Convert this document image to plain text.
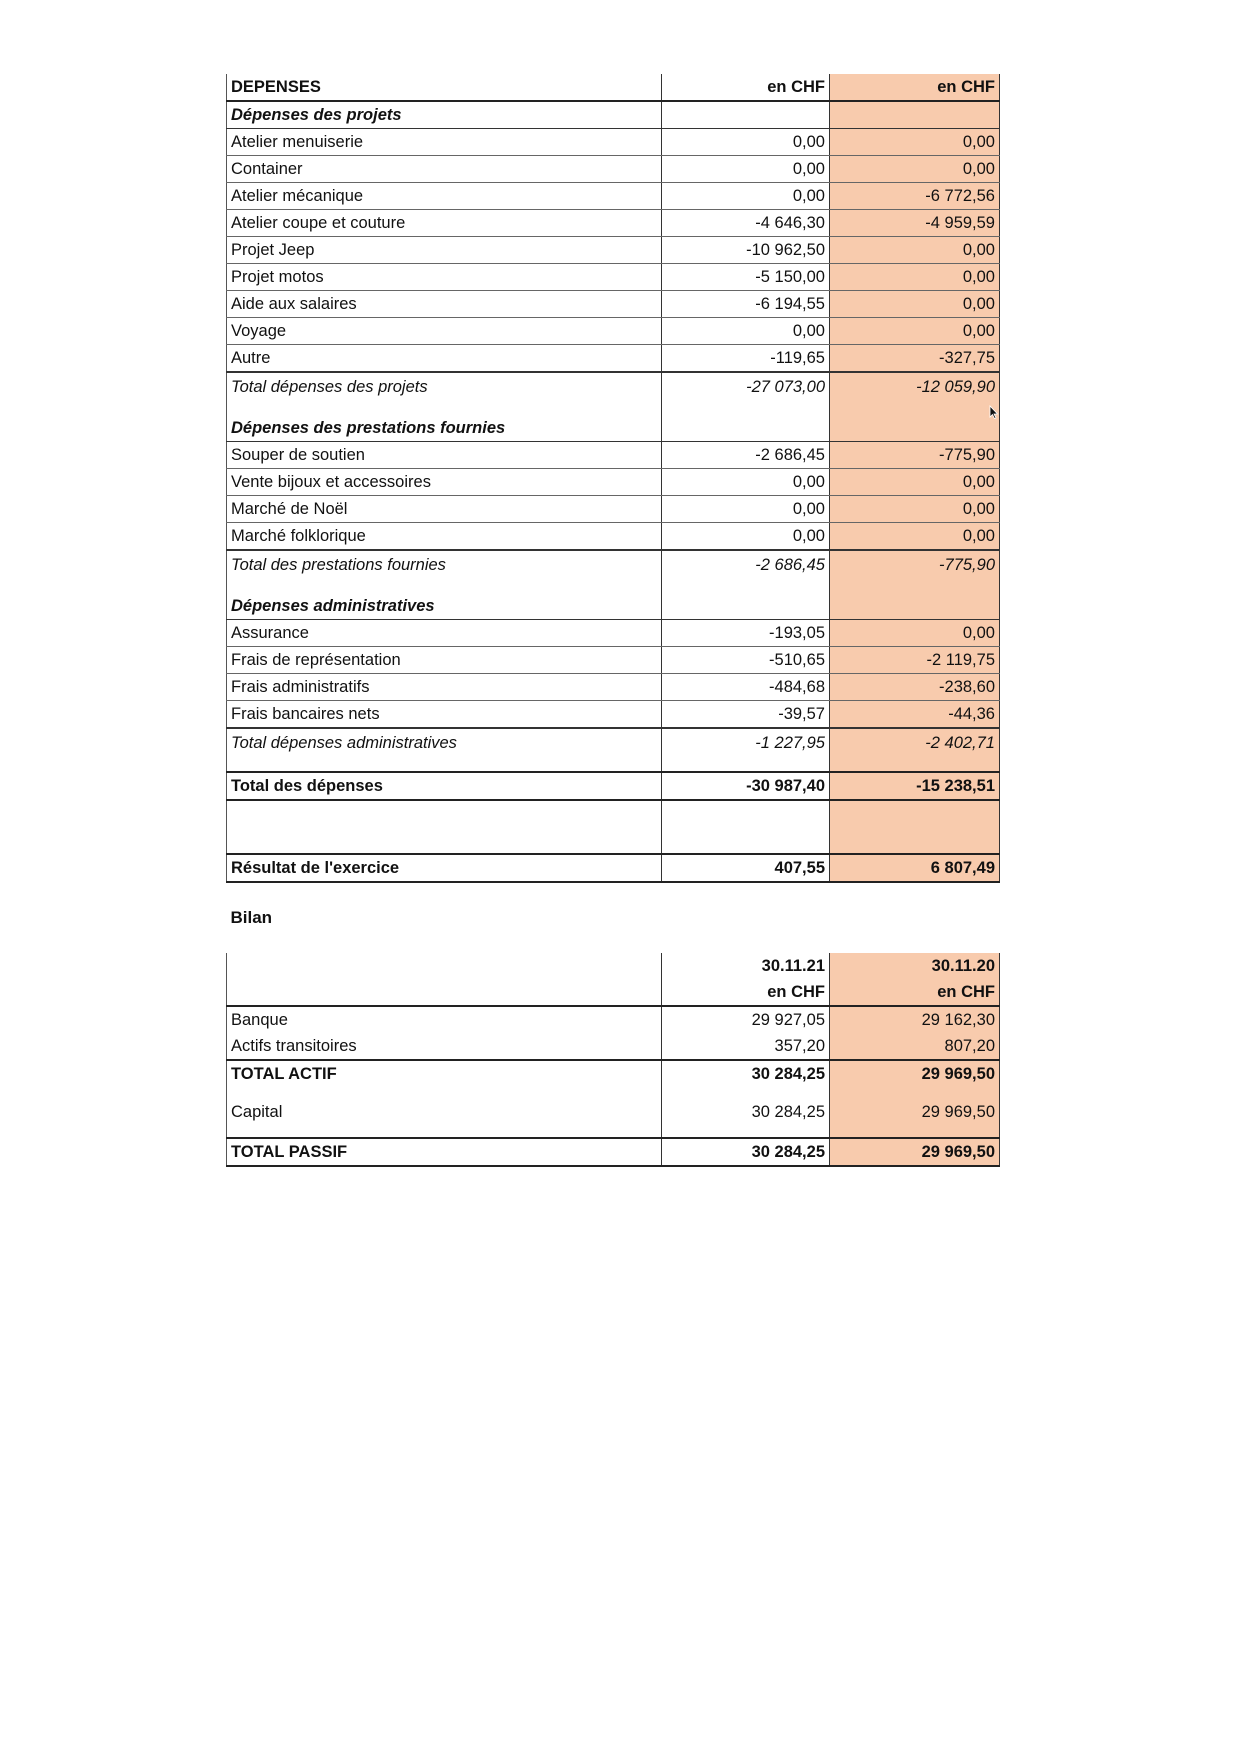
DEPENSES	en CHF	en CHF
Dépenses des projets		
Atelier menuiserie	0,00	0,00
Container	0,00	0,00
Atelier mécanique	0,00	-6 772,56
Atelier coupe et couture	-4 646,30	-4 959,59
Projet Jeep	-10 962,50	0,00
Projet motos	-5 150,00	0,00
Aide aux salaires	-6 194,55	0,00
Voyage	0,00	0,00
Autre	-119,65	-327,75
Total dépenses des projets	-27 073,00	-12 059,90
Dépenses des prestations fournies		
Souper de soutien	-2 686,45	-775,90
Vente bijoux et accessoires	0,00	0,00
Marché de Noël	0,00	0,00
Marché folklorique	0,00	0,00
Total des prestations fournies	-2 686,45	-775,90
Dépenses administratives		
Assurance	-193,05	0,00
Frais de représentation	-510,65	-2 119,75
Frais administratifs	-484,68	-238,60
Frais bancaires nets	-39,57	-44,36
Total dépenses administratives	-1 227,95	-2 402,71
Total des dépenses	-30 987,40	-15 238,51

Résultat de l'exercice	407,55	6 807,49

Bilan		

	30.11.21	30.11.20
	en CHF	en CHF
Banque	29 927,05	29 162,30
Actifs transitoires	357,20	807,20
TOTAL ACTIF	30 284,25	29 969,50
Capital	30 284,25	29 969,50
TOTAL PASSIF	30 284,25	29 969,50
